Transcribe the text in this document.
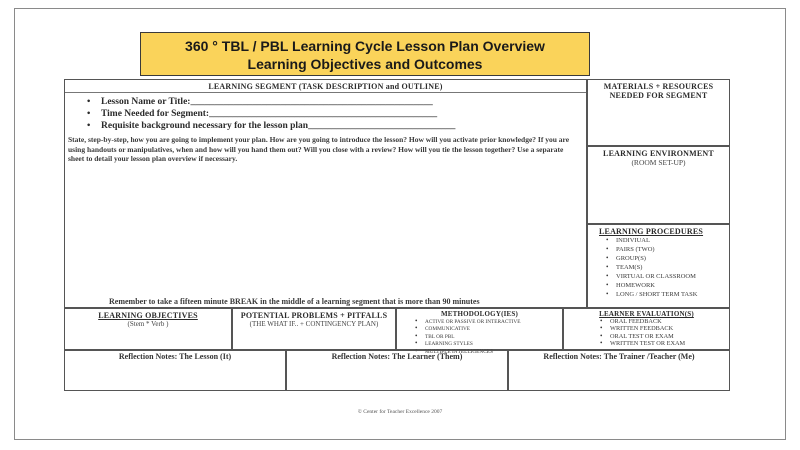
360 ° TBL / PBL Learning Cycle Lesson Plan Overview
Learning Objectives and Outcomes
LEARNING SEGMENT (TASK DESCRIPTION and OUTLINE)
• Lesson Name or Title:___________________________________________________
• Time Needed for Segment:________________________________________________
• Requisite background necessary for the lesson plan_______________________________
State, step-by-step, how you are going to implement your plan. How are you going to introduce the lesson? How will you activate prior knowledge? If you are using handouts or manipulatives, when and how will you hand them out? Will you close with a review? How will you tie the lesson together? Use a separate sheet to detail your lesson plan overview if necessary.
Remember to take a fifteen minute BREAK in the middle of a learning segment that is more than 90 minutes
MATERIALS + RESOURCES NEEDED FOR SEGMENT
LEARNING ENVIRONMENT
(ROOM SET-UP)
LEARNING PROCEDURES
• INDIVIUAL
• PAIRS (TWO)
• GROUP(S)
• TEAM(S)
• VIRTUAL OR CLASSROOM
• HOMEWORK
• LONG / SHORT TERM TASK
LEARNING OBJECTIVES
(Stem * Verb )
POTENTIAL PROBLEMS + PITFALLS
(THE WHAT IF.. + CONTINGENCY PLAN)
METHODOLOGY(IES)
• ACTIVE OR PASSIVE OR INTERACTIVE
• COMMUNICATIVE
• TBL OR PBL
• LEARNING STYLES
• MULTIPLE INTELLIGENCES
LEARNER EVALUATION(S)
• ORAL FEEDBACK
• WRITTEN FEEDBACK
• ORAL TEST OR EXAM
• WRITTEN TEST OR EXAM
Reflection Notes: The Lesson (It)	Reflection Notes: The Learner (Them)	Reflection Notes: The Trainer /Teacher (Me)
© Center for Teacher Excellence 2007
